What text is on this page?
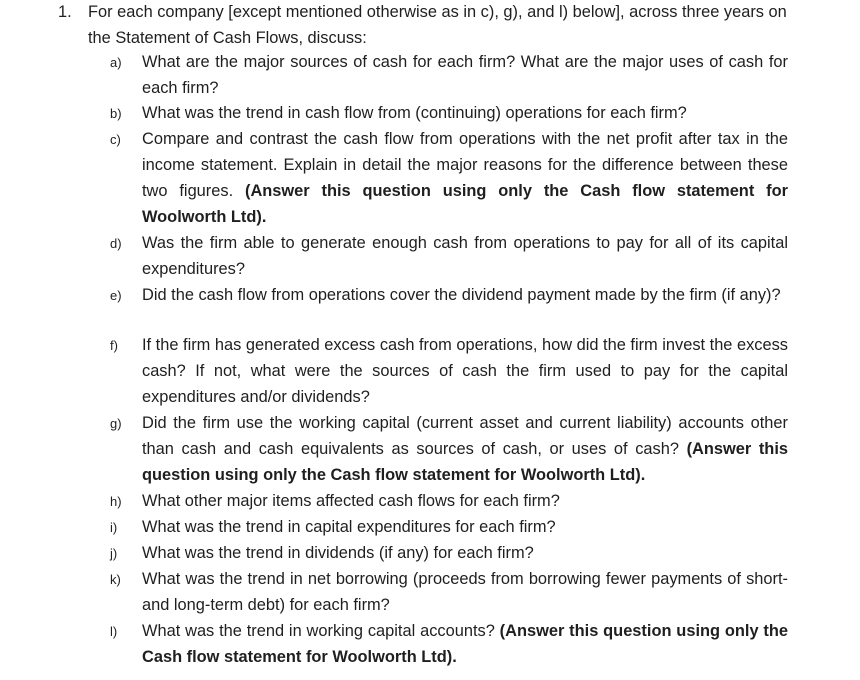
1. For each company [except mentioned otherwise as in c), g), and l) below], across three years on the Statement of Cash Flows, discuss:
a)	What are the major sources of cash for each firm? What are the major uses of cash for each firm?
b)	What was the trend in cash flow from (continuing) operations for each firm?
c)	Compare and contrast the cash flow from operations with the net profit after tax in the income statement. Explain in detail the major reasons for the difference between these two figures. (Answer this question using only the Cash flow statement for Woolworth Ltd).
d)	Was the firm able to generate enough cash from operations to pay for all of its capital expenditures?
e)	Did the cash flow from operations cover the dividend payment made by the firm (if any)?
f)	If the firm has generated excess cash from operations, how did the firm invest the excess cash? If not, what were the sources of cash the firm used to pay for the capital expenditures and/or dividends?
g)	Did the firm use the working capital (current asset and current liability) accounts other than cash and cash equivalents as sources of cash, or uses of cash? (Answer this question using only the Cash flow statement for Woolworth Ltd).
h)	What other major items affected cash flows for each firm?
i)	What was the trend in capital expenditures for each firm?
j)	What was the trend in dividends (if any) for each firm?
k)	What was the trend in net borrowing (proceeds from borrowing fewer payments of short- and long-term debt) for each firm?
l)	What was the trend in working capital accounts? (Answer this question using only the Cash flow statement for Woolworth Ltd).
